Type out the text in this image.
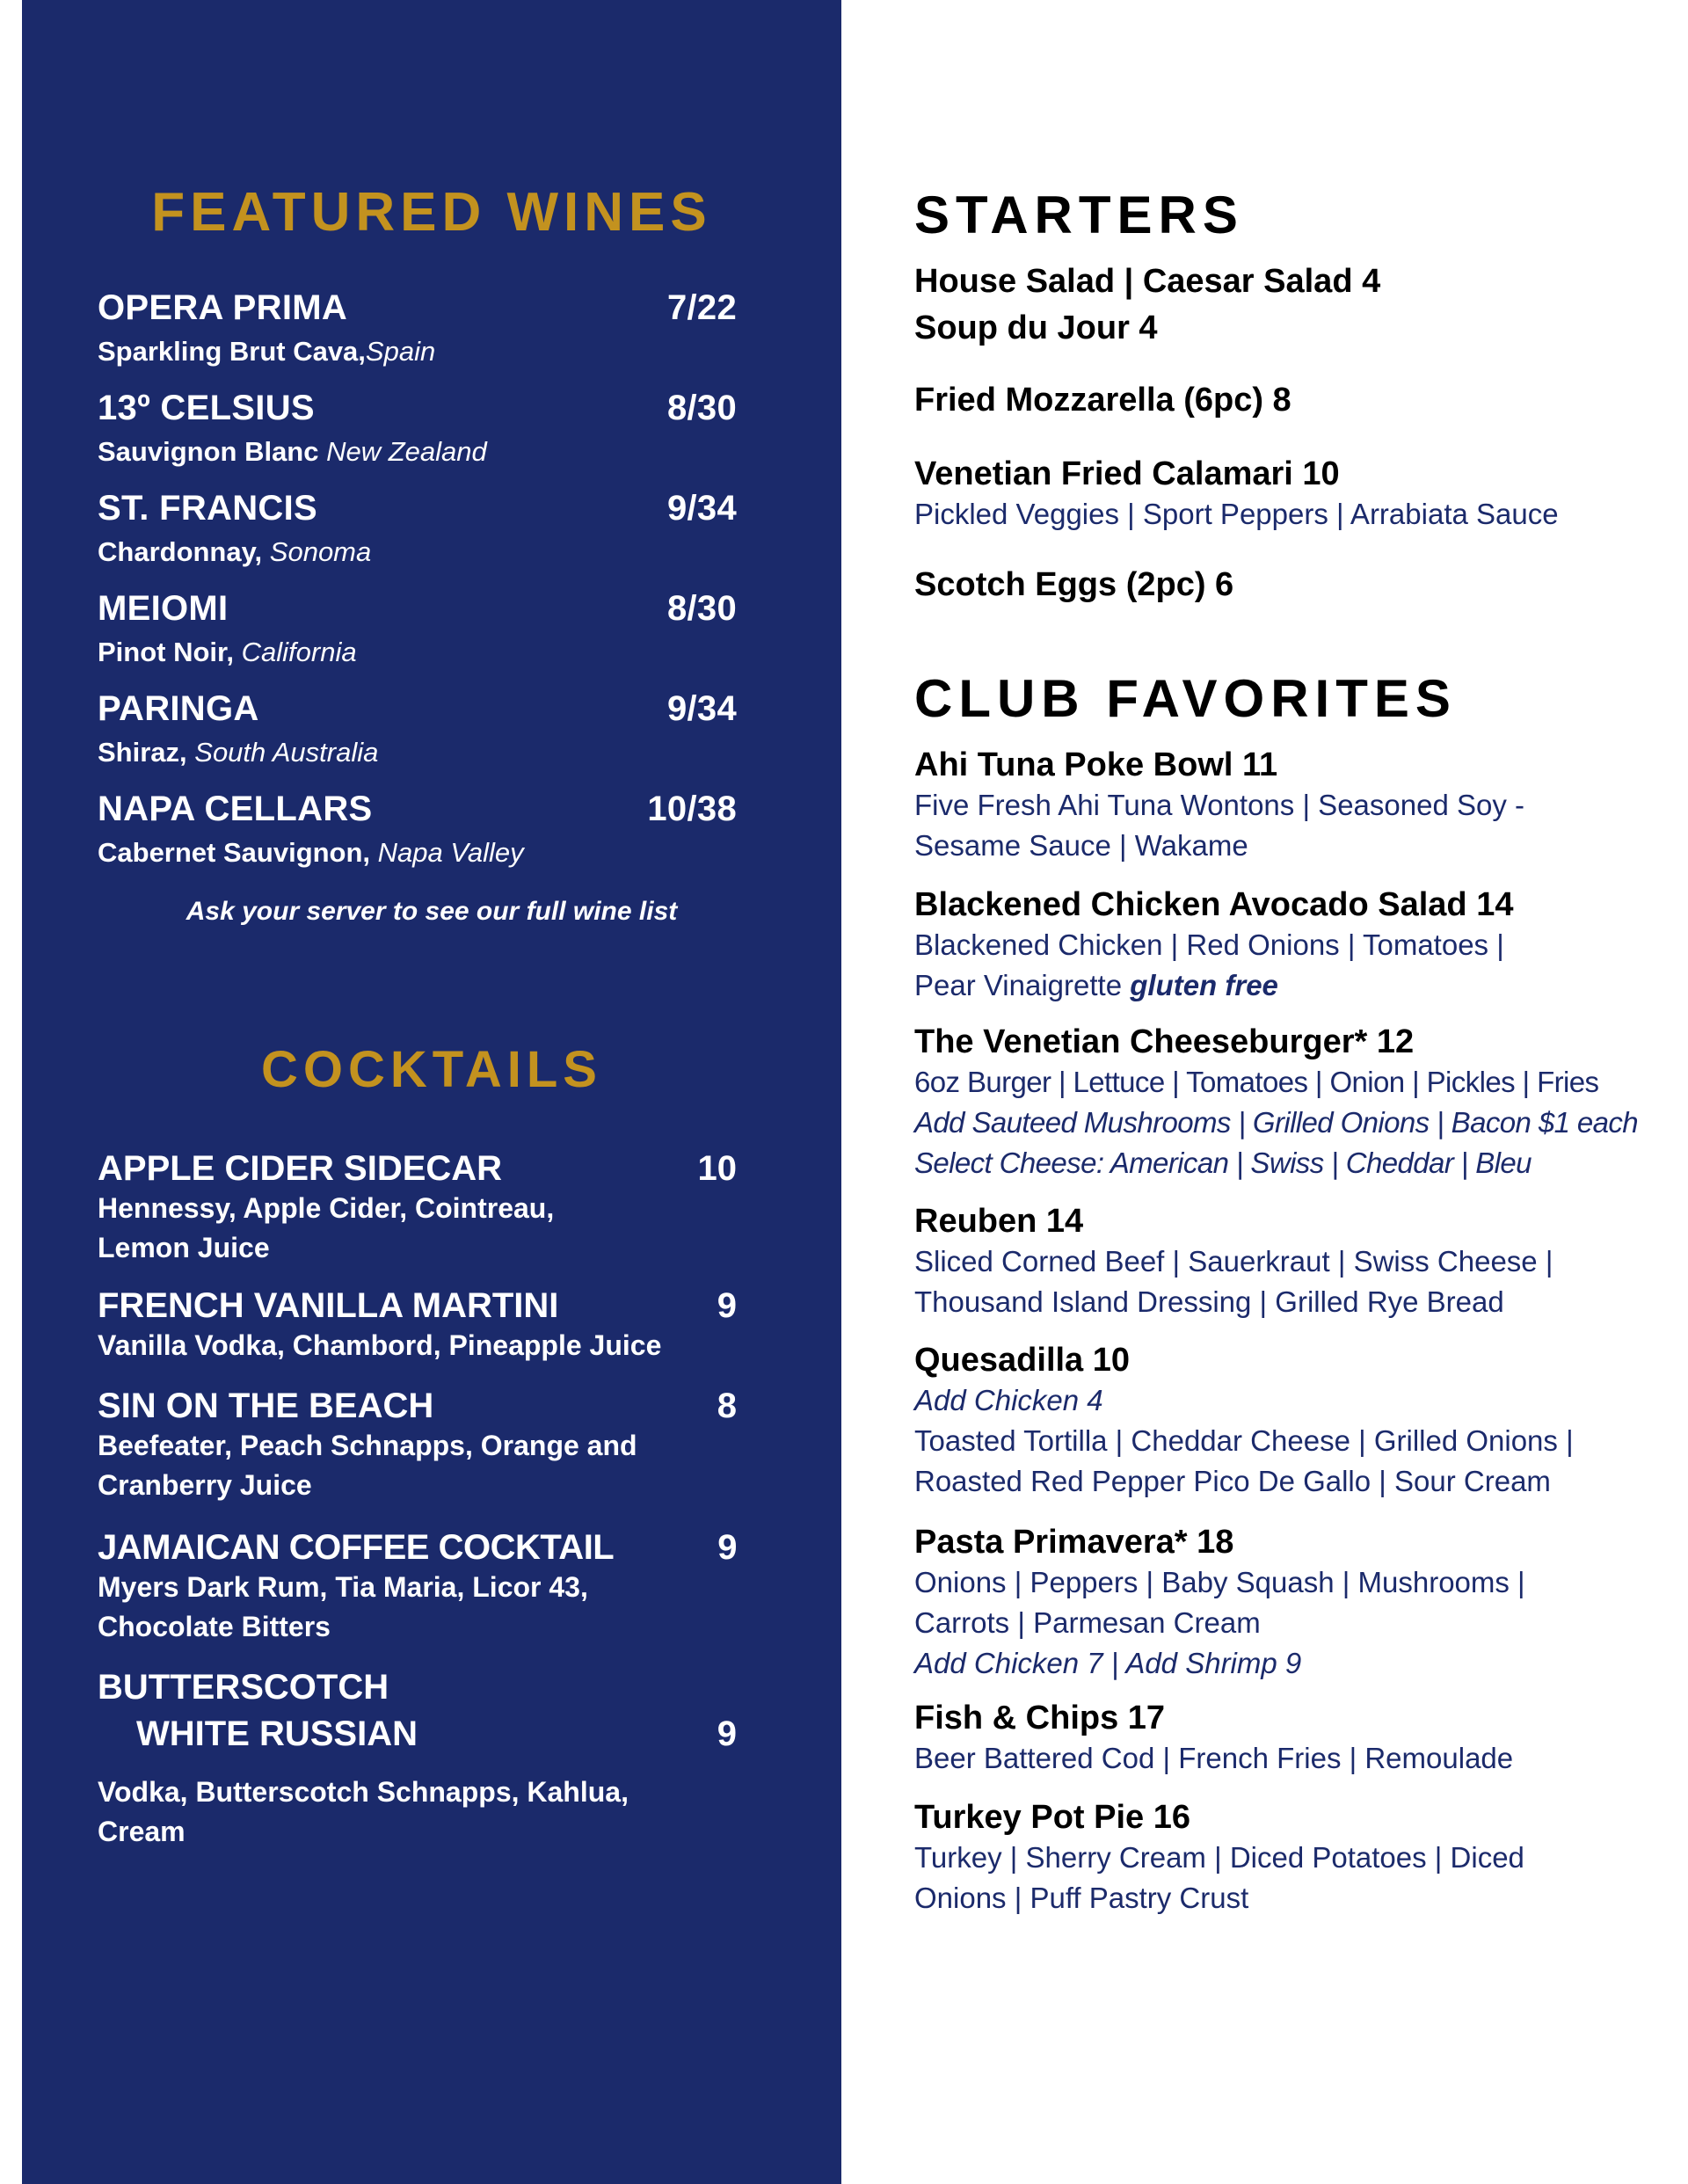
FEATURED WINES
OPERA PRIMA	7/22
Sparkling Brut Cava,Spain
13º CELSIUS	8/30
Sauvignon Blanc New Zealand
ST. FRANCIS	9/34
Chardonnay, Sonoma
MEIOMI	8/30
Pinot Noir, California
PARINGA	9/34
Shiraz, South Australia
NAPA CELLARS	10/38
Cabernet Sauvignon, Napa Valley
Ask your server to see our full wine list
COCKTAILS
APPLE CIDER SIDECAR	10
Hennessy, Apple Cider, Cointreau,
Lemon Juice
FRENCH VANILLA MARTINI	9
Vanilla Vodka, Chambord, Pineapple Juice
SIN ON THE BEACH	8
Beefeater, Peach Schnapps, Orange and
Cranberry Juice
JAMAICAN COFFEE COCKTAIL	9
Myers Dark Rum, Tia Maria, Licor 43,
Chocolate Bitters
BUTTERSCOTCH
WHITE RUSSIAN	9
Vodka, Butterscotch Schnapps, Kahlua,
Cream
STARTERS
House Salad | Caesar Salad 4
Soup du Jour 4
Fried Mozzarella (6pc) 8
Venetian Fried Calamari 10
Pickled Veggies | Sport Peppers | Arrabiata Sauce
Scotch Eggs (2pc) 6
CLUB FAVORITES
Ahi Tuna Poke Bowl 11
Five Fresh Ahi Tuna Wontons | Seasoned Soy -
Sesame Sauce | Wakame
Blackened Chicken Avocado Salad 14
Blackened Chicken | Red Onions | Tomatoes |
Pear Vinaigrette gluten free
The Venetian Cheeseburger* 12
6oz Burger | Lettuce | Tomatoes | Onion | Pickles | Fries
Add Sauteed Mushrooms | Grilled Onions | Bacon $1 each
Select Cheese: American | Swiss | Cheddar | Bleu
Reuben 14
Sliced Corned Beef | Sauerkraut | Swiss Cheese |
Thousand Island Dressing | Grilled Rye Bread
Quesadilla 10
Add Chicken 4
Toasted Tortilla | Cheddar Cheese | Grilled Onions |
Roasted Red Pepper Pico De Gallo | Sour Cream
Pasta Primavera* 18
Onions | Peppers | Baby Squash | Mushrooms |
Carrots | Parmesan Cream
Add Chicken 7 | Add Shrimp 9
Fish & Chips 17
Beer Battered Cod | French Fries | Remoulade
Turkey Pot Pie 16
Turkey | Sherry Cream | Diced Potatoes | Diced
Onions | Puff Pastry Crust
